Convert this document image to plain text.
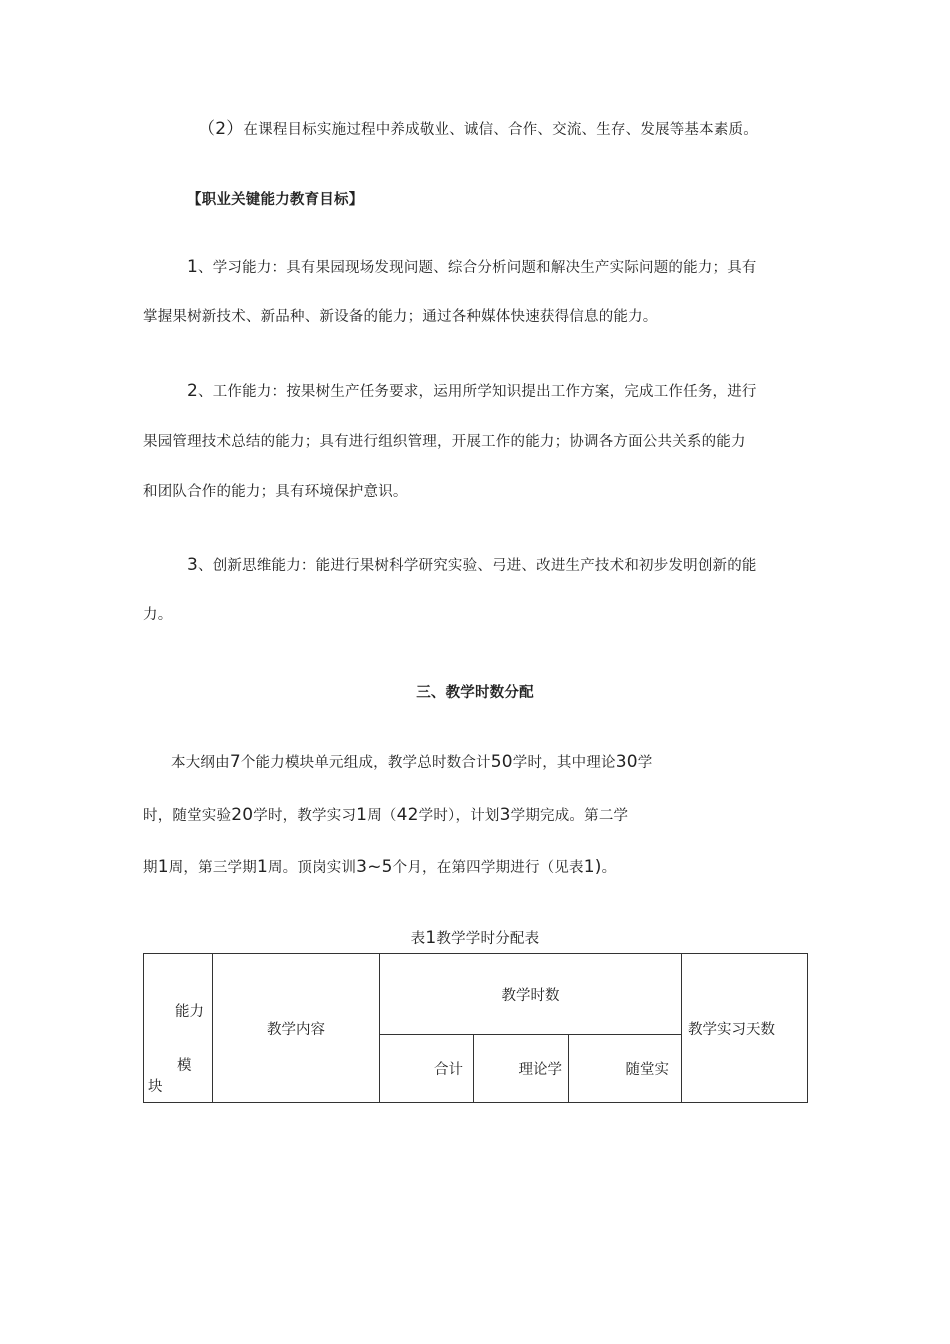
（2）在课程目标实施过程中养成敬业、诚信、合作、交流、生存、发展等基本素质。
【职业关键能力教育目标】
1、学习能力：具有果园现场发现问题、综合分析问题和解决生产实际问题的能力；具有
掌握果树新技术、新品种、新设备的能力；通过各种媒体快速获得信息的能力。
2、工作能力：按果树生产任务要求，运用所学知识提出工作方案，完成工作任务，进行
果园管理技术总结的能力；具有进行组织管理，开展工作的能力；协调各方面公共关系的能力
和团队合作的能力；具有环境保护意识。
3、创新思维能力：能进行果树科学研究实验、弓进、改进生产技术和初步发明创新的能
力。
三、教学时数分配
本大纲由7个能力模块单元组成，教学总时数合计50学时，其中理论30学
时，随堂实验20学时，教学实习1周（42学时），计划3学期完成。第二学
期1周，第三学期1周。顶岗实训3~5个月，在第四学期进行（见表1)。
表1教学学时分配表
能力
模
块	教学内容	教学时数			教学实习天数
		合计	理论学	随堂实	
